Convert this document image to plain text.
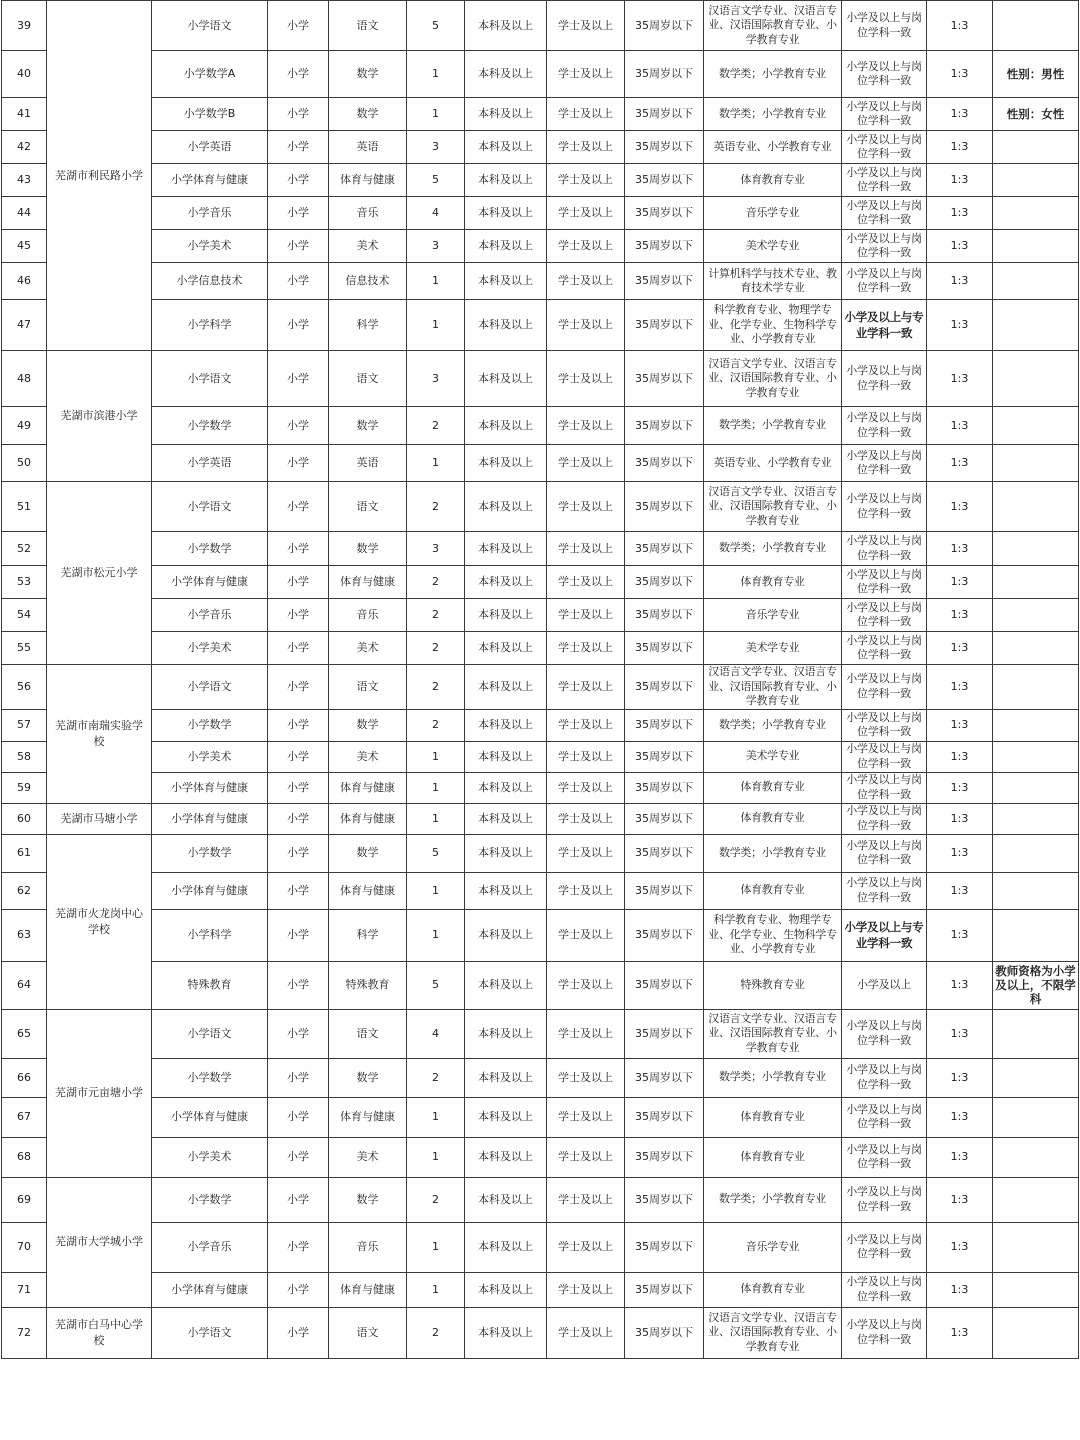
39	芜湖市利民路小学	小学语文	小学	语文	5	本科及以上	学士及以上	35周岁以下	汉语言文学专业、汉语言专业、汉语国际教育专业、小学教育专业	小学及以上与岗位学科一致	1:3	
40		小学数学A	小学	数学	1	本科及以上	学士及以上	35周岁以下	数学类；小学教育专业	小学及以上与岗位学科一致	1:3	性别：男性
41		小学数学B	小学	数学	1	本科及以上	学士及以上	35周岁以下	数学类；小学教育专业	小学及以上与岗位学科一致	1:3	性别：女性
42		小学英语	小学	英语	3	本科及以上	学士及以上	35周岁以下	英语专业、小学教育专业	小学及以上与岗位学科一致	1:3	
43		小学体育与健康	小学	体育与健康	5	本科及以上	学士及以上	35周岁以下	体育教育专业	小学及以上与岗位学科一致	1:3	
44		小学音乐	小学	音乐	4	本科及以上	学士及以上	35周岁以下	音乐学专业	小学及以上与岗位学科一致	1:3	
45		小学美术	小学	美术	3	本科及以上	学士及以上	35周岁以下	美术学专业	小学及以上与岗位学科一致	1:3	
46		小学信息技术	小学	信息技术	1	本科及以上	学士及以上	35周岁以下	计算机科学与技术专业、教育技术学专业	小学及以上与岗位学科一致	1:3	
47		小学科学	小学	科学	1	本科及以上	学士及以上	35周岁以下	科学教育专业、物理学专业、化学专业、生物科学专业、小学教育专业	小学及以上与专业学科一致	1:3	
48	芜湖市滨港小学	小学语文	小学	语文	3	本科及以上	学士及以上	35周岁以下	汉语言文学专业、汉语言专业、汉语国际教育专业、小学教育专业	小学及以上与岗位学科一致	1:3	
49		小学数学	小学	数学	2	本科及以上	学士及以上	35周岁以下	数学类；小学教育专业	小学及以上与岗位学科一致	1:3	
50		小学英语	小学	英语	1	本科及以上	学士及以上	35周岁以下	英语专业、小学教育专业	小学及以上与岗位学科一致	1:3	
51	芜湖市松元小学	小学语文	小学	语文	2	本科及以上	学士及以上	35周岁以下	汉语言文学专业、汉语言专业、汉语国际教育专业、小学教育专业	小学及以上与岗位学科一致	1:3	
52		小学数学	小学	数学	3	本科及以上	学士及以上	35周岁以下	数学类；小学教育专业	小学及以上与岗位学科一致	1:3	
53		小学体育与健康	小学	体育与健康	2	本科及以上	学士及以上	35周岁以下	体育教育专业	小学及以上与岗位学科一致	1:3	
54		小学音乐	小学	音乐	2	本科及以上	学士及以上	35周岁以下	音乐学专业	小学及以上与岗位学科一致	1:3	
55		小学美术	小学	美术	2	本科及以上	学士及以上	35周岁以下	美术学专业	小学及以上与岗位学科一致	1:3	
56	芜湖市南瑞实验学校	小学语文	小学	语文	2	本科及以上	学士及以上	35周岁以下	汉语言文学专业、汉语言专业、汉语国际教育专业、小学教育专业	小学及以上与岗位学科一致	1:3	
57		小学数学	小学	数学	2	本科及以上	学士及以上	35周岁以下	数学类；小学教育专业	小学及以上与岗位学科一致	1:3	
58		小学美术	小学	美术	1	本科及以上	学士及以上	35周岁以下	美术学专业	小学及以上与岗位学科一致	1:3	
59		小学体育与健康	小学	体育与健康	1	本科及以上	学士及以上	35周岁以下	体育教育专业	小学及以上与岗位学科一致	1:3	
60	芜湖市马塘小学	小学体育与健康	小学	体育与健康	1	本科及以上	学士及以上	35周岁以下	体育教育专业	小学及以上与岗位学科一致	1:3	
61	芜湖市火龙岗中心学校	小学数学	小学	数学	5	本科及以上	学士及以上	35周岁以下	数学类；小学教育专业	小学及以上与岗位学科一致	1:3	
62		小学体育与健康	小学	体育与健康	1	本科及以上	学士及以上	35周岁以下	体育教育专业	小学及以上与岗位学科一致	1:3	
63		小学科学	小学	科学	1	本科及以上	学士及以上	35周岁以下	科学教育专业、物理学专业、化学专业、生物科学专业、小学教育专业	小学及以上与专业学科一致	1:3	
64		特殊教育	小学	特殊教育	5	本科及以上	学士及以上	35周岁以下	特殊教育专业	小学及以上	1:3	教师资格为小学及以上，不限学科
65	芜湖市元亩塘小学	小学语文	小学	语文	4	本科及以上	学士及以上	35周岁以下	汉语言文学专业、汉语言专业、汉语国际教育专业、小学教育专业	小学及以上与岗位学科一致	1:3	
66		小学数学	小学	数学	2	本科及以上	学士及以上	35周岁以下	数学类；小学教育专业	小学及以上与岗位学科一致	1:3	
67		小学体育与健康	小学	体育与健康	1	本科及以上	学士及以上	35周岁以下	体育教育专业	小学及以上与岗位学科一致	1:3	
68		小学美术	小学	美术	1	本科及以上	学士及以上	35周岁以下	体育教育专业	小学及以上与岗位学科一致	1:3	
69	芜湖市大学城小学	小学数学	小学	数学	2	本科及以上	学士及以上	35周岁以下	数学类；小学教育专业	小学及以上与岗位学科一致	1:3	
70		小学音乐	小学	音乐	1	本科及以上	学士及以上	35周岁以下	音乐学专业	小学及以上与岗位学科一致	1:3	
71		小学体育与健康	小学	体育与健康	1	本科及以上	学士及以上	35周岁以下	体育教育专业	小学及以上与岗位学科一致	1:3	
72	芜湖市白马中心学校	小学语文	小学	语文	2	本科及以上	学士及以上	35周岁以下	汉语言文学专业、汉语言专业、汉语国际教育专业、小学教育专业	小学及以上与岗位学科一致	1:3	
